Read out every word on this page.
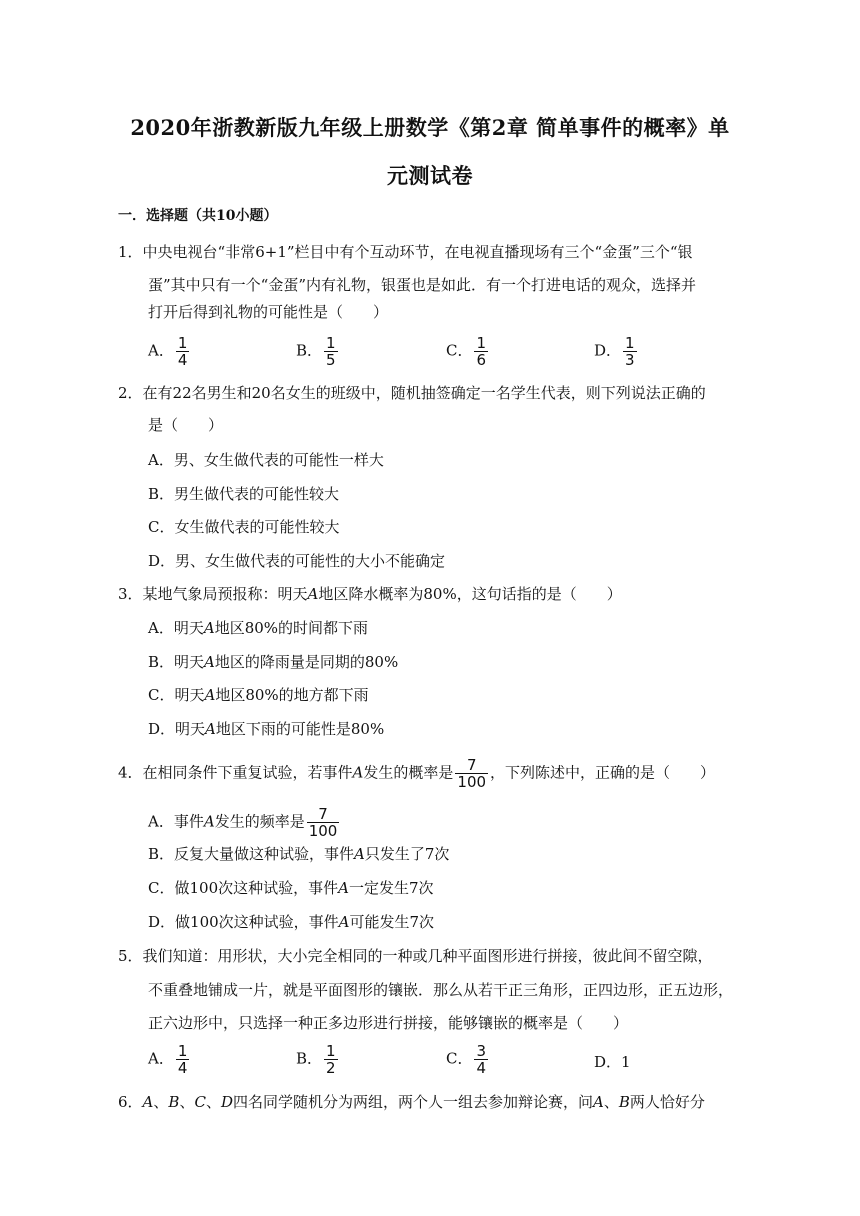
2020年浙教新版九年级上册数学《第2章 简单事件的概率》单
元测试卷
一．选择题（共10小题）
1．中央电视台“非常6+1”栏目中有个互动环节，在电视直播现场有三个“金蛋”三个“银
蛋”其中只有一个“金蛋”内有礼物，银蛋也是如此．有一个打进电话的观众，选择并
打开后得到礼物的可能性是（　　）
A． $\frac{1}{4}$	B． $\frac{1}{5}$	C． $\frac{1}{6}$	D． $\frac{1}{3}$
2．在有22名男生和20名女生的班级中，随机抽签确定一名学生代表，则下列说法正确的
是（　　）
A．男、女生做代表的可能性一样大
B．男生做代表的可能性较大
C．女生做代表的可能性较大
D．男、女生做代表的可能性的大小不能确定
3．某地气象局预报称：明天A地区降水概率为80%，这句话指的是（　　）
A．明天A地区80%的时间都下雨
B．明天A地区的降雨量是同期的80%
C．明天A地区80%的地方都下雨
D．明天A地区下雨的可能性是80%
4．在相同条件下重复试验，若事件A发生的概率是 $\frac{7}{100}$ ，下列陈述中，正确的是（　　）
A．事件A发生的频率是 $\frac{7}{100}$
B．反复大量做这种试验，事件A只发生了7次
C．做100次这种试验，事件A一定发生7次
D．做100次这种试验，事件A可能发生7次
5．我们知道：用形状，大小完全相同的一种或几种平面图形进行拼接，彼此间不留空隙，
不重叠地铺成一片，就是平面图形的镶嵌．那么从若干正三角形，正四边形，正五边形，
正六边形中，只选择一种正多边形进行拼接，能够镶嵌的概率是（　　）
A． $\frac{1}{4}$	B． $\frac{1}{2}$	C． $\frac{3}{4}$	D．1
6．A、B、C、D四名同学随机分为两组，两个人一组去参加辩论赛，问A、B两人恰好分
